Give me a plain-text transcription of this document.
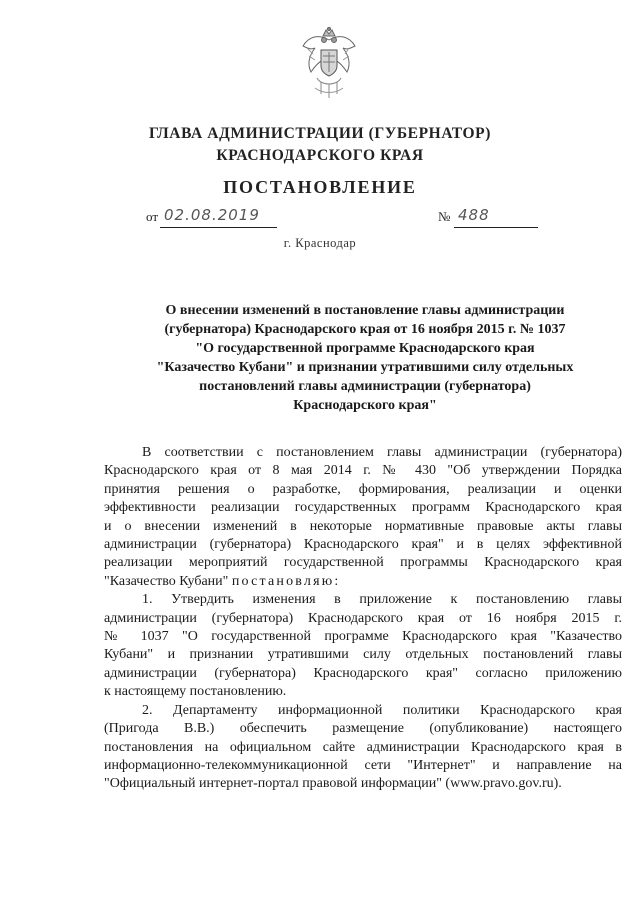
ГЛАВА АДМИНИСТРАЦИИ (ГУБЕРНАТОР)
КРАСНОДАРСКОГО КРАЯ
ПОСТАНОВЛЕНИЕ
от 02.08.2019	№ 488
г. Краснодар
О внесении изменений в постановление главы администрации
(губернатора) Краснодарского края от 16 ноября 2015 г. № 1037
"О государственной программе Краснодарского края
"Казачество Кубани" и признании утратившими силу отдельных
постановлений главы администрации (губернатора)
Краснодарского края"
В соответствии с постановлением главы администрации (губернатора)
Краснодарского края от 8 мая 2014 г. № 430 "Об утверждении Порядка
принятия решения о разработке, формирования, реализации и оценки
эффективности реализации государственных программ Краснодарского края
и о внесении изменений в некоторые нормативные правовые акты главы
администрации (губернатора) Краснодарского края" и в целях эффективной
реализации мероприятий государственной программы Краснодарского края
"Казачество Кубани" постановляю:
1. Утвердить изменения в приложение к постановлению главы
администрации (губернатора) Краснодарского края от 16 ноября 2015 г.
№ 1037 "О государственной программе Краснодарского края "Казачество
Кубани" и признании утратившими силу отдельных постановлений главы
администрации (губернатора) Краснодарского края" согласно приложению
к настоящему постановлению.
2. Департаменту информационной политики Краснодарского края
(Пригода В.В.) обеспечить размещение (опубликование) настоящего
постановления на официальном сайте администрации Краснодарского края в
информационно-телекоммуникационной сети "Интернет" и направление на
"Официальный интернет-портал правовой информации" (www.pravo.gov.ru).
